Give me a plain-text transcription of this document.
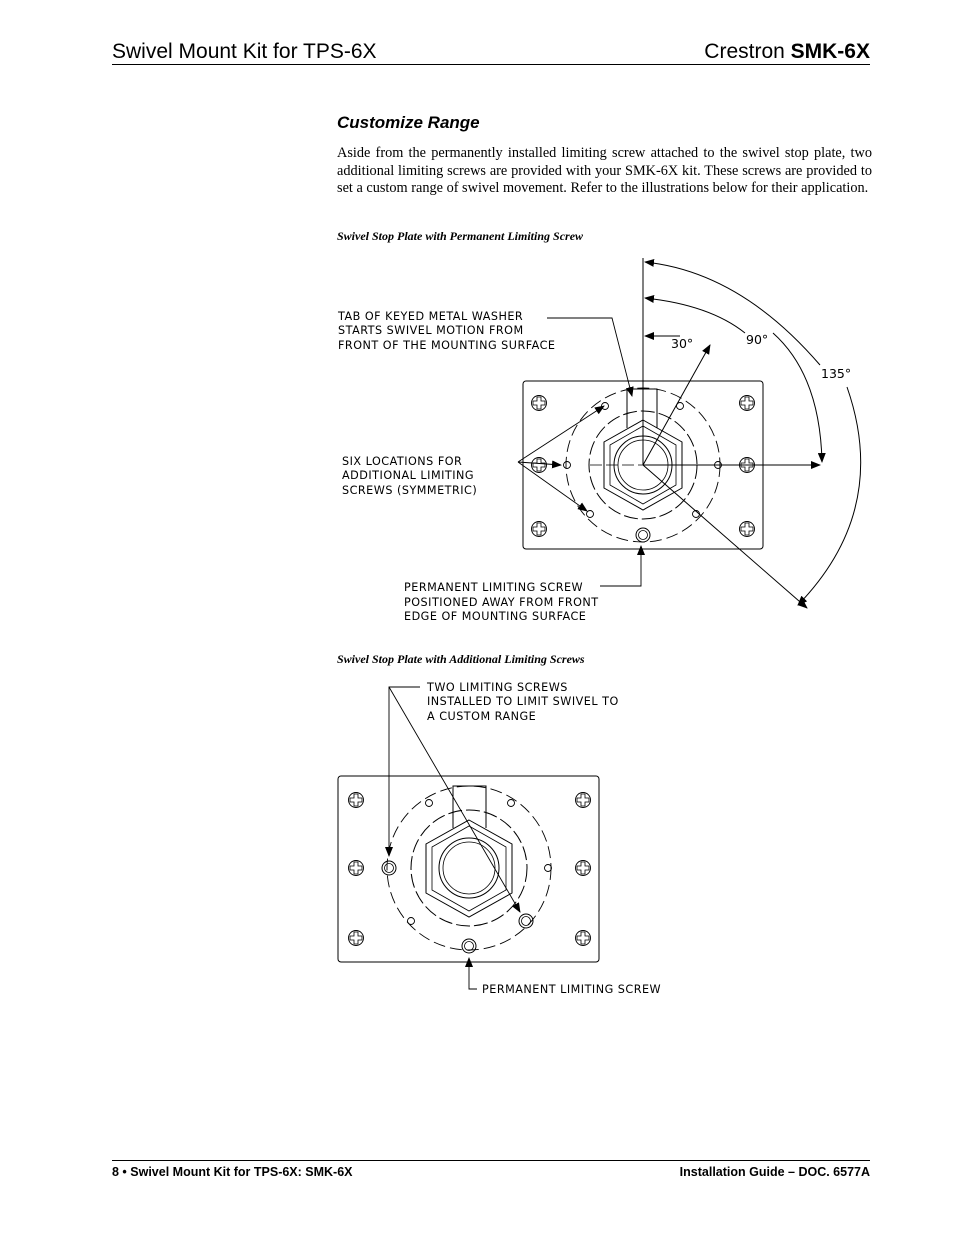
Swivel Mount Kit for TPS-6X	Crestron SMK-6X
Customize Range
Aside from the permanently installed limiting screw attached to the swivel stop plate, two additional limiting screws are provided with your SMK-6X kit. These screws are provided to set a custom range of swivel movement. Refer to the illustrations below for their application.
Swivel Stop Plate with Permanent Limiting Screw
Swivel Stop Plate with Additional Limiting Screws
30°	90°
135°
TAB OF KEYED METAL WASHER
STARTS SWIVEL MOTION FROM
FRONT OF THE MOUNTING SURFACE
SIX LOCATIONS FOR
ADDITIONAL LIMITING
SCREWS (SYMMETRIC)
PERMANENT LIMITING SCREW
POSITIONED AWAY FROM FRONT
EDGE OF MOUNTING SURFACE
TWO LIMITING SCREWS
INSTALLED TO LIMIT SWIVEL TO
A CUSTOM RANGE
PERMANENT LIMITING SCREW
8 • Swivel Mount Kit for TPS-6X: SMK-6X	Installation Guide – DOC. 6577A
